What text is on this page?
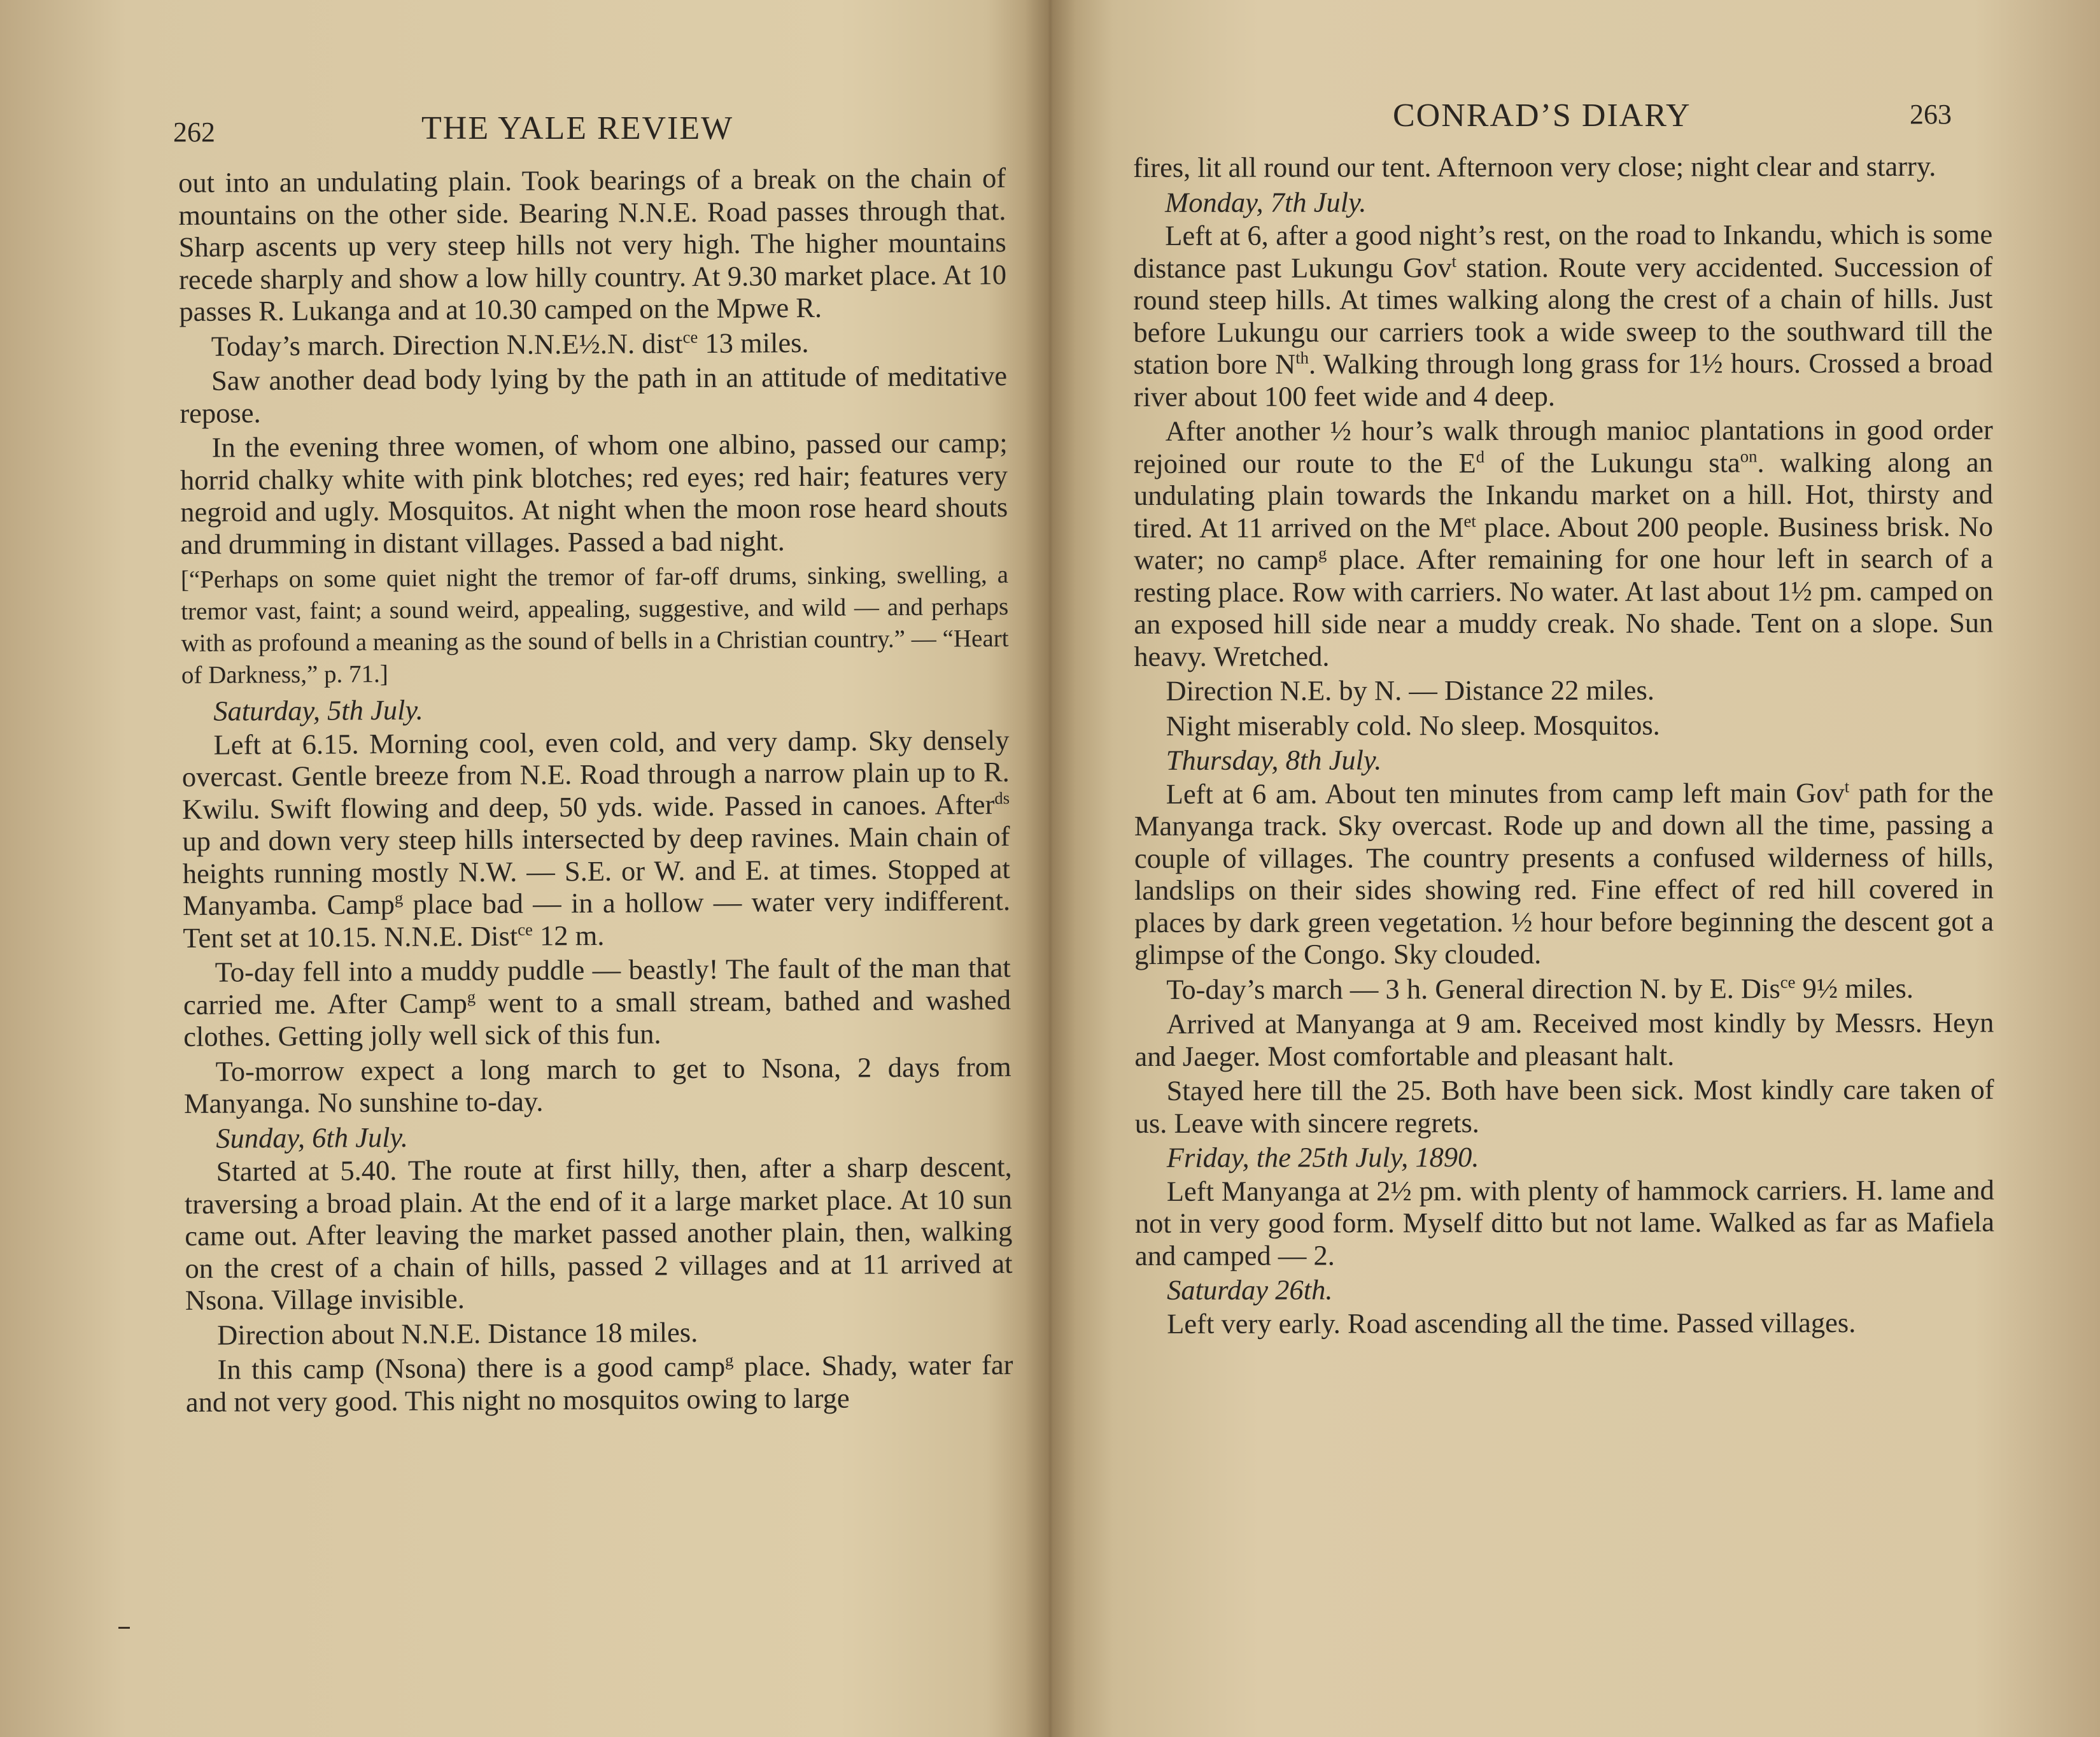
262	THE YALE REVIEW
out into an undulating plain. Took bearings of a break on the chain of mountains on the other side. Bearing N.N.E. Road passes through that. Sharp ascents up very steep hills not very high. The higher mountains recede sharply and show a low hilly country. At 9.30 market place. At 10 passes R. Lukanga and at 10.30 camped on the Mpwe R.
Today’s march. Direction N.N.E½.N. dist$^{ce}$ 13 miles.
Saw another dead body lying by the path in an attitude of meditative repose.
In the evening three women, of whom one albino, passed our camp; horrid chalky white with pink blotches; red eyes; red hair; features very negroid and ugly. Mosquitos. At night when the moon rose heard shouts and drumming in distant villages. Passed a bad night.
[“Perhaps on some quiet night the tremor of far-off drums, sinking, swelling, a tremor vast, faint; a sound weird, appealing, suggestive, and wild — and perhaps with as profound a meaning as the sound of bells in a Christian country.” — “Heart of Darkness,” p. 71.]
Saturday, 5th July.
Left at 6.15. Morning cool, even cold, and very damp. Sky densely overcast. Gentle breeze from N.E. Road through a narrow plain up to R. Kwilu. Swift flowing and deep, 50 yds. wide. Passed in canoes. After$^{ds}$ up and down very steep hills intersected by deep ravines. Main chain of heights running mostly N.W. — S.E. or W. and E. at times. Stopped at Manyamba. Camp$^g$ place bad — in a hollow — water very indifferent. Tent set at 10.15. N.N.E. Dist$^{ce}$ 12 m.
To-day fell into a muddy puddle — beastly! The fault of the man that carried me. After Camp$^g$ went to a small stream, bathed and washed clothes. Getting jolly well sick of this fun.
To-morrow expect a long march to get to Nsona, 2 days from Manyanga. No sunshine to-day.
Sunday, 6th July.
Started at 5.40. The route at first hilly, then, after a sharp descent, traversing a broad plain. At the end of it a large market place. At 10 sun came out. After leaving the market passed another plain, then, walking on the crest of a chain of hills, passed 2 villages and at 11 arrived at Nsona. Village invisible.
Direction about N.N.E. Distance 18 miles.
In this camp (Nsona) there is a good camp$^g$ place. Shady, water far and not very good. This night no mosquitos owing to large
CONRAD’S DIARY	263
fires, lit all round our tent. Afternoon very close; night clear and starry.
Monday, 7th July.
Left at 6, after a good night’s rest, on the road to Inkandu, which is some distance past Lukungu Gov$^t$ station. Route very accidented. Succession of round steep hills. At times walking along the crest of a chain of hills. Just before Lukungu our carriers took a wide sweep to the southward till the station bore $N^{th}$. Walking through long grass for 1½ hours. Crossed a broad river about 100 feet wide and 4 deep.
After another ½ hour’s walk through manioc plantations in good order rejoined our route to the $E^d$ of the Lukungu sta$^{on}$. walking along an undulating plain towards the Inkandu market on a hill. Hot, thirsty and tired. At 11 arrived on the $M^{et}$ place. About 200 people. Business brisk. No water; no camp$^g$ place. After remaining for one hour left in search of a resting place. Row with carriers. No water. At last about 1½ pm. camped on an exposed hill side near a muddy creak. No shade. Tent on a slope. Sun heavy. Wretched.
Direction N.E. by N. — Distance 22 miles.
Night miserably cold. No sleep. Mosquitos.
Thursday, 8th July.
Left at 6 am. About ten minutes from camp left main Gov$^t$ path for the Manyanga track. Sky overcast. Rode up and down all the time, passing a couple of villages. The country presents a confused wilderness of hills, landslips on their sides showing red. Fine effect of red hill covered in places by dark green vegetation. ½ hour before beginning the descent got a glimpse of the Congo. Sky clouded.
To-day’s march — 3 h. General direction N. by E. Dis$^{ce}$ 9½ miles.
Arrived at Manyanga at 9 am. Received most kindly by Messrs. Heyn and Jaeger. Most comfortable and pleasant halt.
Stayed here till the 25. Both have been sick. Most kindly care taken of us. Leave with sincere regrets.
Friday, the 25th July, 1890.
Left Manyanga at 2½ pm. with plenty of hammock carriers. H. lame and not in very good form. Myself ditto but not lame. Walked as far as Mafiela and camped — 2.
Saturday 26th.
Left very early. Road ascending all the time. Passed villages.
